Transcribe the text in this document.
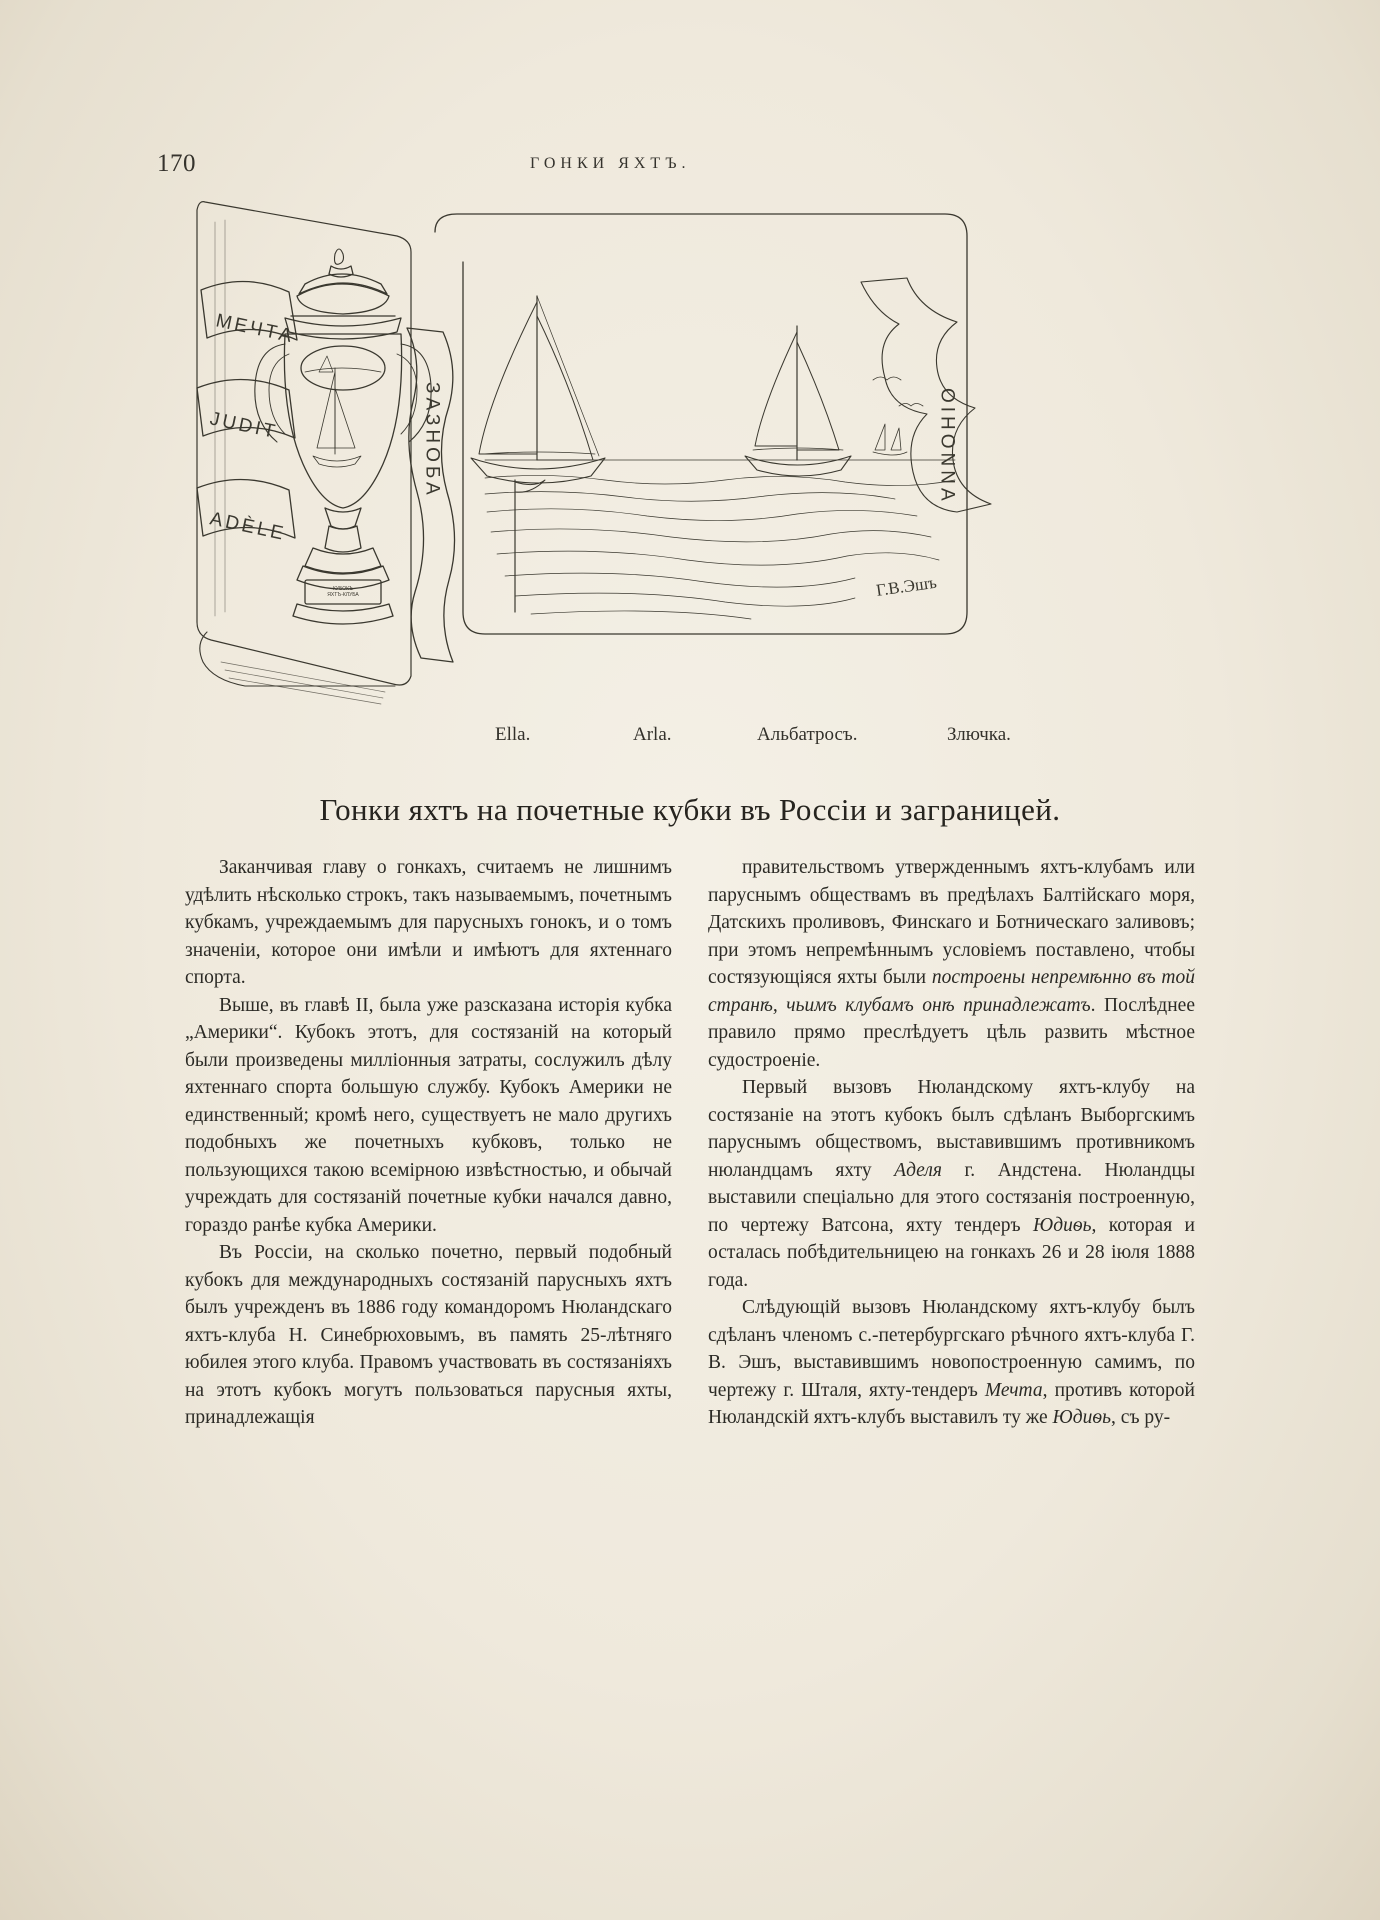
170	ГОНКИ ЯХТЪ.
МЕЧТА
JUDIT
ADÈLE
ЗАЗНОБА	OIHONNA
КУБОКЪ
ЯХТЪ-КЛУБА	Г.В.Эшъ
Ella.	Arla.	Альбатросъ.	Злючка.
Гонки яхтъ на почетные кубки въ Россiи и заграницей.

Заканчивая главу о гонкахъ, считаемъ не лишнимъ удѣлить нѣсколько строкъ, такъ называемымъ, почетнымъ кубкамъ, учреждаемымъ для парусныхъ гонокъ, и о томъ значенiи, которое они имѣли и имѣютъ для яхтеннаго спорта.

Выше, въ главѣ II, была уже разсказана исторiя кубка „Америки“. Кубокъ этотъ, для состязанiй на который были произведены миллiонныя затраты, сослужилъ дѣлу яхтеннаго спорта большую службу. Кубокъ Америки не единственный; кромѣ него, существуетъ не мало другихъ подобныхъ же почетныхъ кубковъ, только не пользующихся такою всемiрною извѣстностью, и обычай учреждать для состязанiй почетные кубки начался давно, гораздо ранѣе кубка Америки.

Въ Россiи, на сколько почетно, первый подобный кубокъ для международныхъ состязанiй парусныхъ яхтъ былъ учрежденъ въ 1886 году командоромъ Нюландскаго яхтъ-клуба Н. Синебрюховымъ, въ память 25-лѣтняго юбилея этого клуба. Правомъ участвовать въ состязанiяхъ на этотъ кубокъ могутъ пользоваться парусныя яхты, принадлежащiя

правительствомъ утвержденнымъ яхтъ-клубамъ или паруснымъ обществамъ въ предѣлахъ Балтiйскаго моря, Датскихъ проливовъ, Финскаго и Ботническаго заливовъ; при этомъ непремѣннымъ условiемъ поставлено, чтобы состязующiяся яхты были построены непремѣнно въ той странѣ, чьимъ клубамъ онѣ принадлежатъ. Послѣднее правило прямо преслѣдуетъ цѣль развить мѣстное судостроенiе.

Первый вызовъ Нюландскому яхтъ-клубу на состязанiе на этотъ кубокъ былъ сдѣланъ Выборгскимъ паруснымъ обществомъ, выставившимъ противникомъ нюландцамъ яхту Аделя г. Андстена. Нюландцы выставили спецiально для этого состязанiя построенную, по чертежу Ватсона, яхту тендеръ Юдиѳь, которая и осталась побѣдительницею на гонкахъ 26 и 28 iюля 1888 года.

Слѣдующiй вызовъ Нюландскому яхтъ-клубу былъ сдѣланъ членомъ с.-петербургскаго рѣчного яхтъ-клуба Г. В. Эшъ, выставившимъ новопостроенную самимъ, по чертежу г. Шталя, яхту-тендеръ Мечта, противъ которой Нюландскiй яхтъ-клубъ выставилъ ту же Юдиѳь, съ ру-
